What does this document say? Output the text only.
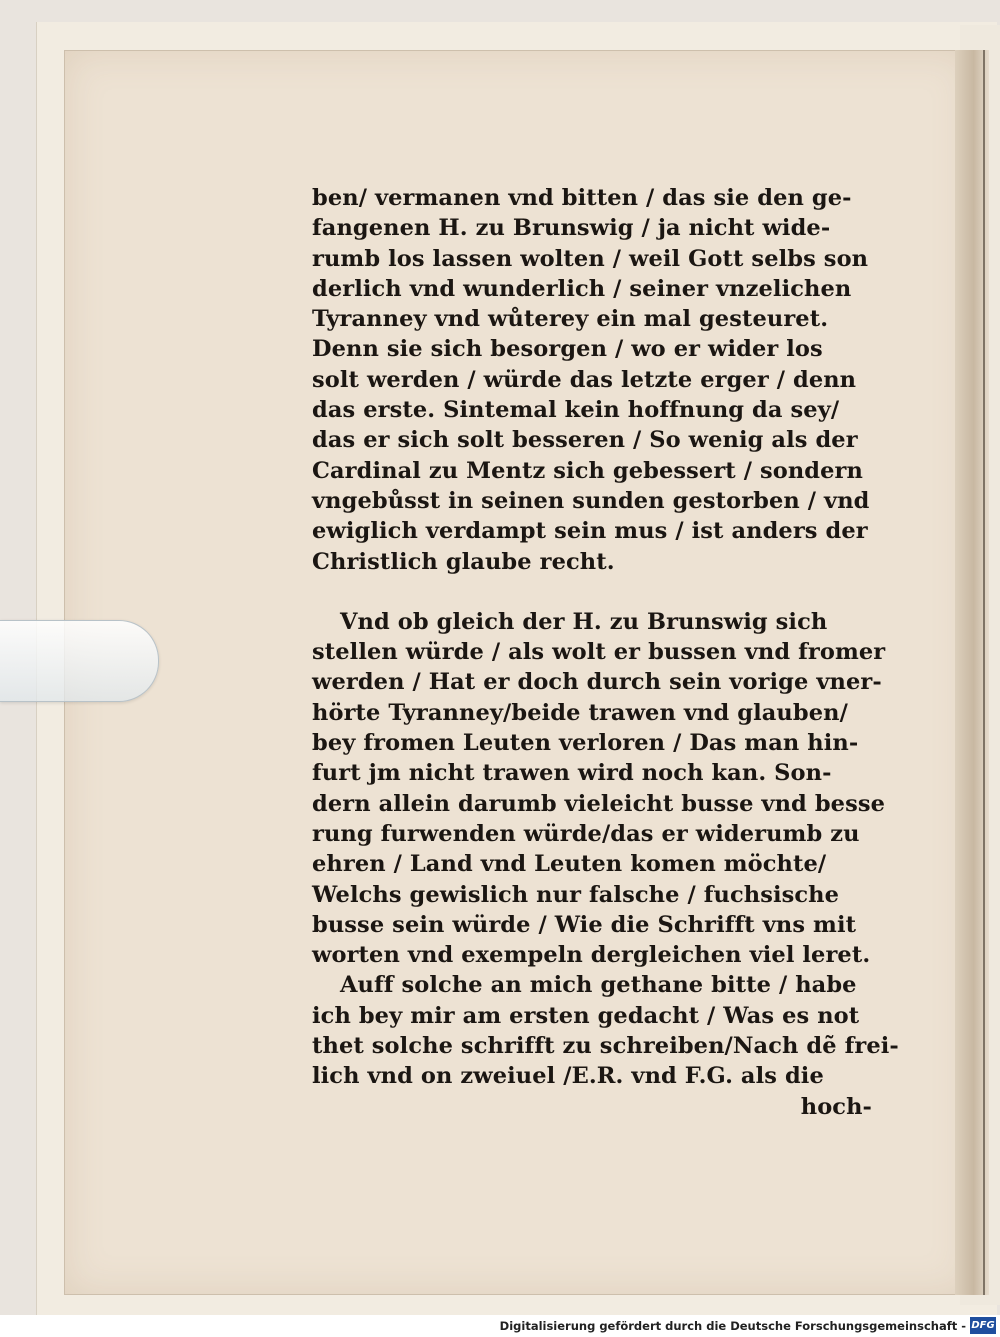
ben/ vermanen vnd bitten / das sie den ge-
fangenen H. zu Brunswig / ja nicht wide-
rumb los lassen wolten / weil Gott selbs son
derlich vnd wunderlich / seiner vnzelichen
Tyranney vnd wůterey ein mal gesteuret.
Denn sie sich besorgen / wo er wider los
solt werden / würde das letzte erger / denn
das erste. Sintemal kein hoffnung da sey/
das er sich solt besseren / So wenig als der
Cardinal zu Mentz sich gebessert / sondern
vngebůsst in seinen sunden gestorben / vnd
ewiglich verdampt sein mus / ist anders der
Christlich glaube recht.
Vnd ob gleich der H. zu Brunswig sich
stellen würde / als wolt er bussen vnd fromer
werden / Hat er doch durch sein vorige vner-
hörte Tyranney/beide trawen vnd glauben/
bey fromen Leuten verloren / Das man hin-
furt jm nicht trawen wird noch kan. Son-
dern allein darumb vieleicht busse vnd besse
rung furwenden würde/das er widerumb zu
ehren / Land vnd Leuten komen möchte/
Welchs gewislich nur falsche / fuchsische
busse sein würde / Wie die Schrifft vns mit
worten vnd exempeln dergleichen viel leret.
Auff solche an mich gethane bitte / habe
ich bey mir am ersten gedacht / Was es not
thet solche schrifft zu schreiben/Nach dẽ frei-
lich vnd on zweiuel /E.R. vnd F.G. als die
hoch-
Digitalisierung gefördert durch die Deutsche Forschungsgemeinschaft - DFG
